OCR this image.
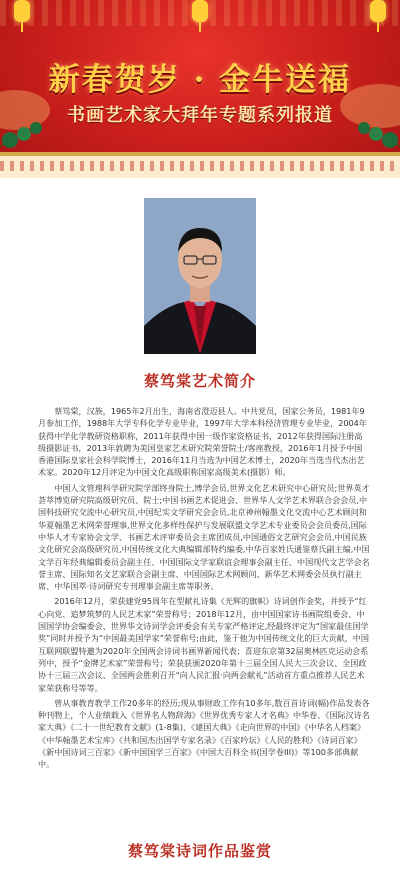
新春贺岁 · 金牛送福
书画艺术家大拜年专题系列报道
蔡笃棠艺术简介

蔡笃棠，汉族，1965年2月出生，海南省澄迈县人。中共党员，国家公务员，1981年9月参加工作，1988年大学专科化学专业毕业，1997年大学本科经济管理专业毕业，2004年获得中学化学教研资格职称，2011年获得中国一级作家资格证书，2012年获得国际注册高级摄影证书，2013年敦聘为美国皇家艺术研究院荣誉院士/客座教授，2016年1月授予中国香港国际皇家社会科学院博士，2016年11月当选为中国艺术博士，2020年当选当代杰出艺术家。2020年12月评定为中国文化高级职称国家高级美术(摄影）师。

中国人文管理科学研究院学部终身院士,博学会员,世界文化艺术研究中心研究员;世界英才荟萃博览研究院高级研究员、院士;中国书画艺术促进会、世界华人文学艺术界联合会会员,中国科技研究交流中心研究员,中国纪实文学研究会会员,北京神州翰墨文化交流中心艺术顾问和华夏翰墨艺术网荣誉理事,世界文化多样性保护与发展联盟文学艺术专业委员会会员委员,国际中华人才专家协会文学、书画艺术评审委员会主席团成员,中国通俗文艺研究会会员,中国民族文化研究会高级研究员,中国传统文化大典编辑部特约编委,中华百家姓氏通鉴蔡氏副主编,中国文学百年经典编辑委员会副主任、中国国际文学家联谊会理事会副主任、中国现代文艺学会名誉主席、国际知名文艺家联合会副主席、中国国际艺术网顾问、新华艺术网委会员执行副主席、中华国萃·诗词研究专刊理事会副主席等职务。

2016年12月，荣获建党95周年在型献礼诗集《光辉的旗帜》诗词创作金奖，并授予“红心向党、追梦筑梦的人民艺术家”荣誉称号；2018年12月，由中国国家诗书画院组委会、中国国学协会编委会、世界华文诗词学会评委会有关专家严格评定,经最终评定为“国家最佳国学奖”同时并授予为“中国最美国学家”荣誉称号;由此，鉴于他为中国传统文化的巨大贡献，中国互联网联盟特邀为2020年全国两会诗词书画界新闻代表；喜迎东京第32届奥林匹克运动会系列中，授予“金牌艺术家”荣誉称号；荣获获颁2020年第十三届全国人民大三次会议、全国政协十三届三次会议、全国两会胜利召开“向人民汇报·向两会献礼”活动首方重点推荐人民艺术家荣获称号等等。

曾从事教育教学工作20多年的经历;现从事财政工作有10多年,数百首诗词(幅)作品发表各种刊物上，个人业绩载入《世界名人物辞海》《世界优秀专家人才名典》中华卷、《国际汉诗名家大典》《二十一世纪教育文献》(1-8集)、《建国大典》《走向世界的中国》《中华名人档案》《中华翰墨艺术宝库》《共和国杰出国学专家名录》《百家吟坛》《人民的胜利》《诗词百家》《新中国诗词三百家》《新中国国学三百家》《中国大百科全书(国学卷III)》等100多部典献中。

蔡笃棠诗词作品鉴赏
